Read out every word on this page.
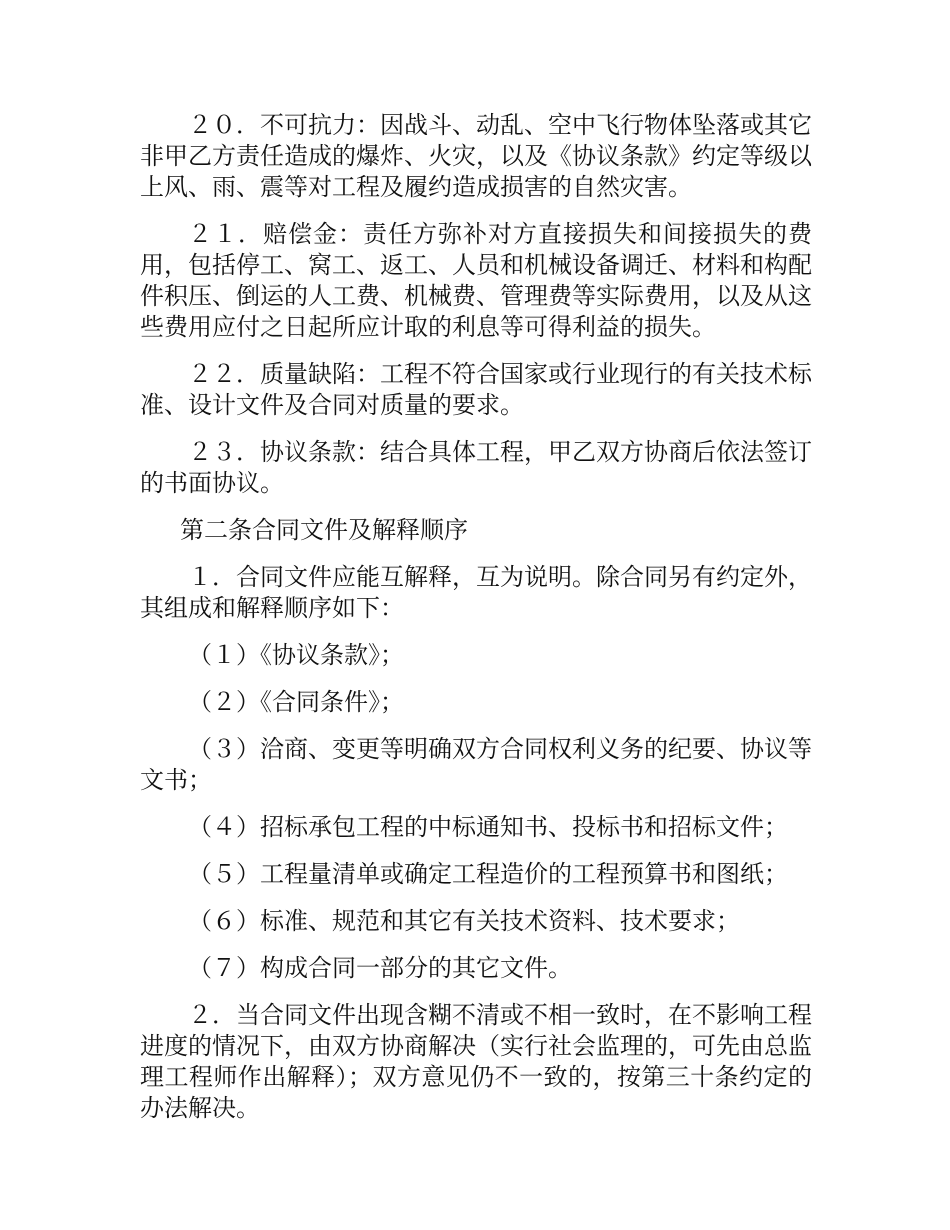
２０．不可抗力：因战斗、动乱、空中飞行物体坠落或其它非甲乙方责任造成的爆炸、火灾，以及《协议条款》约定等级以上风、雨、震等对工程及履约造成损害的自然灾害。

２１．赔偿金：责任方弥补对方直接损失和间接损失的费用，包括停工、窝工、返工、人员和机械设备调迁、材料和构配件积压、倒运的人工费、机械费、管理费等实际费用，以及从这些费用应付之日起所应计取的利息等可得利益的损失。

２２．质量缺陷：工程不符合国家或行业现行的有关技术标准、设计文件及合同对质量的要求。

２３．协议条款：结合具体工程，甲乙双方协商后依法签订的书面协议。

第二条合同文件及解释顺序

１．合同文件应能互解释，互为说明。除合同另有约定外，其组成和解释顺序如下：

（１）《协议条款》；

（２）《合同条件》；

（３）洽商、变更等明确双方合同权利义务的纪要、协议等文书；

（４）招标承包工程的中标通知书、投标书和招标文件；

（５）工程量清单或确定工程造价的工程预算书和图纸；

（６）标准、规范和其它有关技术资料、技术要求；

（７）构成合同一部分的其它文件。

２．当合同文件出现含糊不清或不相一致时，在不影响工程进度的情况下，由双方协商解决（实行社会监理的，可先由总监理工程师作出解释）；双方意见仍不一致的，按第三十条约定的办法解决。
